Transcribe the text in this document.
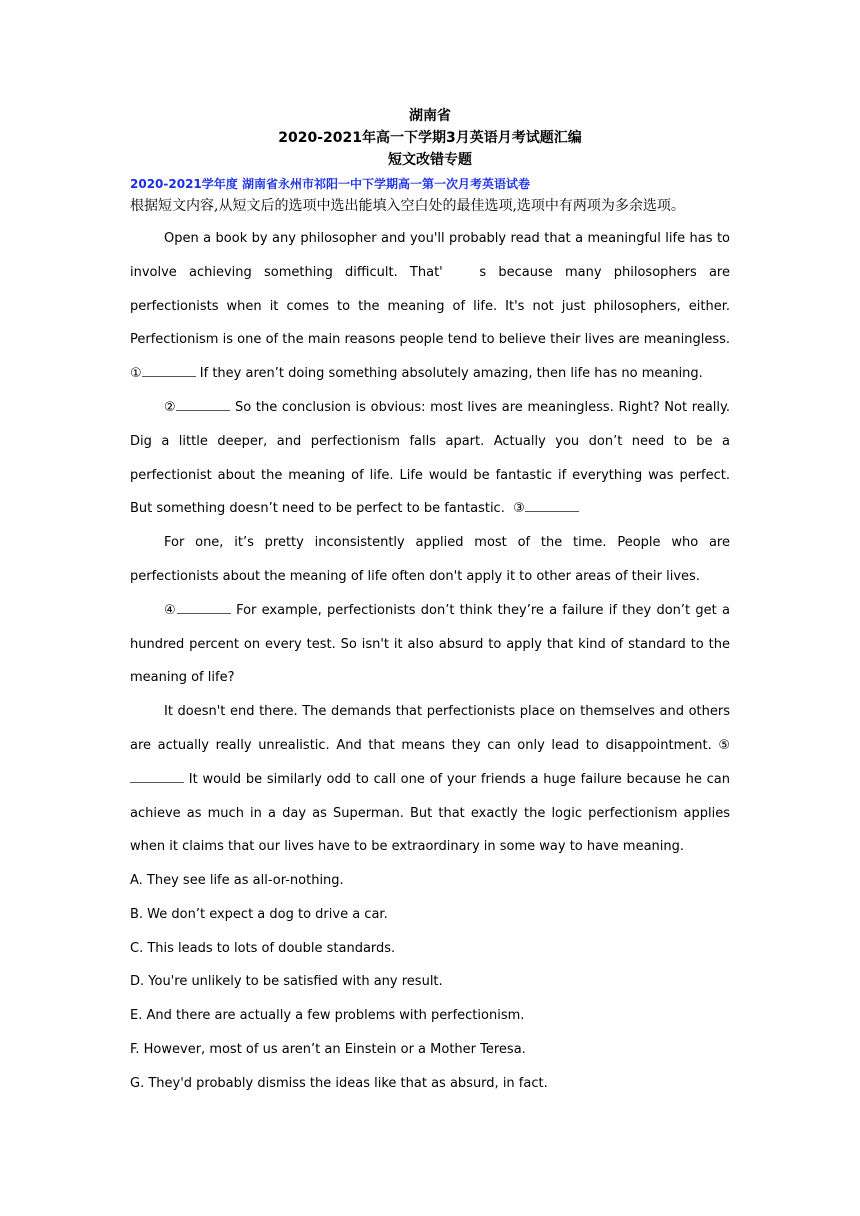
湖南省
2020-2021年高一下学期3月英语月考试题汇编
短文改错专题
2020-2021学年度 湖南省永州市祁阳一中下学期高一第一次月考英语试卷
根据短文内容,从短文后的选项中选出能填入空白处的最佳选项,选项中有两项为多余选项。

Open a book by any philosopher and you'll probably read that a meaningful life has to involve achieving something difficult. That'   s because many philosophers are perfectionists when it comes to the meaning of life. It's not just philosophers, either. Perfectionism is one of the main reasons people tend to believe their lives are meaningless. ①	If they aren’t doing something absolutely amazing, then life has no meaning.

②	So the conclusion is obvious: most lives are meaningless. Right? Not really. Dig a little deeper, and perfectionism falls apart. Actually you don’t need to be a perfectionist about the meaning of life. Life would be fantastic if everything was perfect. But something doesn’t need to be perfect to be fantastic.  ③

For one, it’s pretty inconsistently applied most of the time. People who are perfectionists about the meaning of life often don't apply it to other areas of their lives.

④	For example, perfectionists don’t think they’re a failure if they don’t get a hundred percent on every test. So isn't it also absurd to apply that kind of standard to the meaning of life?

It doesn't end there. The demands that perfectionists place on themselves and others are actually really unrealistic. And that means they can only lead to disappointment. ⑤ It would be similarly odd to call one of your friends a huge failure because he can achieve as much in a day as Superman. But that exactly the logic perfectionism applies when it claims that our lives have to be extraordinary in some way to have meaning.

A. They see life as all-or-nothing.
B. We don’t expect a dog to drive a car.
C. This leads to lots of double standards.
D. You're unlikely to be satisfied with any result.
E. And there are actually a few problems with perfectionism.
F. However, most of us aren’t an Einstein or a Mother Teresa.
G. They'd probably dismiss the ideas like that as absurd, in fact.
